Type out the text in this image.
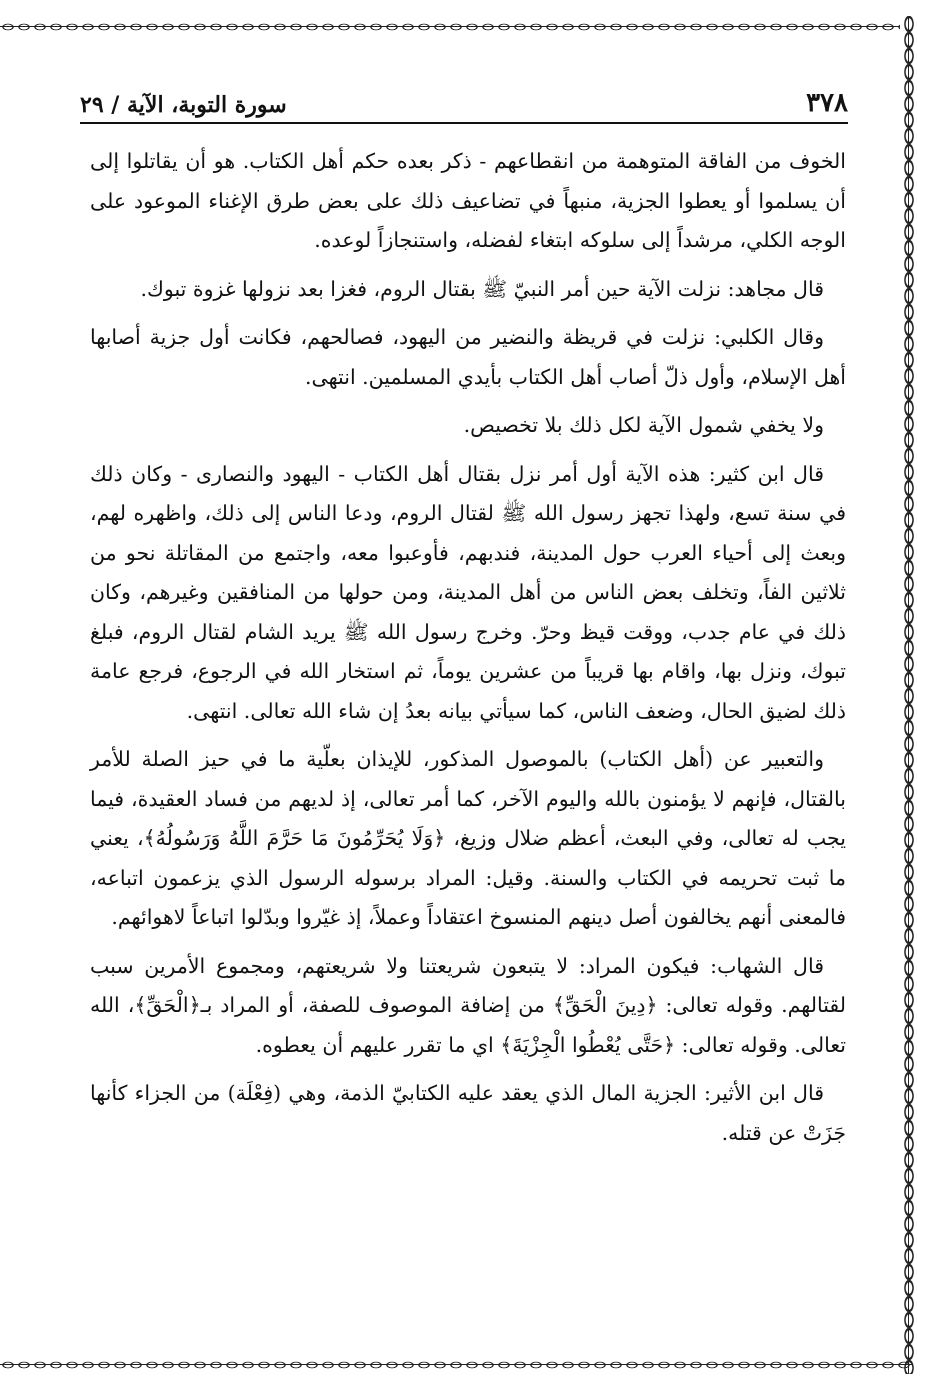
٣٧٨
سورة التوبة، الآية / ٢٩

الخوف من الفاقة المتوهمة من انقطاعهم - ذكر بعده حكم أهل الكتاب. هو أن يقاتلوا إلى أن يسلموا أو يعطوا الجزية، منبهاً في تضاعيف ذلك على بعض طرق الإغناء الموعود على الوجه الكلي، مرشداً إلى سلوكه ابتغاء لفضله، واستنجازاً لوعده.

قال مجاهد: نزلت الآية حين أمر النبيّ ﷺ بقتال الروم، فغزا بعد نزولها غزوة تبوك.

وقال الكلبي: نزلت في قريظة والنضير من اليهود، فصالحهم، فكانت أول جزية أصابها أهل الإسلام، وأول ذلّ أصاب أهل الكتاب بأيدي المسلمين. انتهى.

ولا يخفي شمول الآية لكل ذلك بلا تخصيص.

قال ابن كثير: هذه الآية أول أمر نزل بقتال أهل الكتاب - اليهود والنصارى - وكان ذلك في سنة تسع، ولهذا تجهز رسول الله ﷺ لقتال الروم، ودعا الناس إلى ذلك، واظهره لهم، وبعث إلى أحياء العرب حول المدينة، فندبهم، فأوعبوا معه، واجتمع من المقاتلة نحو من ثلاثين الفاً، وتخلف بعض الناس من أهل المدينة، ومن حولها من المنافقين وغيرهم، وكان ذلك في عام جدب، ووقت قيظ وحرّ. وخرج رسول الله ﷺ يريد الشام لقتال الروم، فبلغ تبوك، ونزل بها، واقام بها قريباً من عشرين يوماً، ثم استخار الله في الرجوع، فرجع عامة ذلك لضيق الحال، وضعف الناس، كما سيأتي بيانه بعدُ إن شاء الله تعالى. انتهى.

والتعبير عن (أهل الكتاب) بالموصول المذكور، للإيذان بعلّية ما في حيز الصلة للأمر بالقتال، فإنهم لا يؤمنون بالله واليوم الآخر، كما أمر تعالى، إذ لديهم من فساد العقيدة، فيما يجب له تعالى، وفي البعث، أعظم ضلال وزيغ، ﴿وَلَا يُحَرِّمُونَ مَا حَرَّمَ اللَّهُ وَرَسُولُهُ﴾، يعني ما ثبت تحريمه في الكتاب والسنة. وقيل: المراد برسوله الرسول الذي يزعمون اتباعه، فالمعنى أنهم يخالفون أصل دينهم المنسوخ اعتقاداً وعملاً، إذ غيّروا وبدّلوا اتباعاً لاهوائهم.

قال الشهاب: فيكون المراد: لا يتبعون شريعتنا ولا شريعتهم، ومجموع الأمرين سبب لقتالهم. وقوله تعالى: ﴿دِينَ الْحَقِّ﴾ من إضافة الموصوف للصفة، أو المراد بـ﴿الْحَقِّ﴾، الله تعالى. وقوله تعالى: ﴿حَتَّى يُعْطُوا الْجِزْيَةَ﴾ اي ما تقرر عليهم أن يعطوه.

قال ابن الأثير: الجزية المال الذي يعقد عليه الكتابيّ الذمة، وهي (فِعْلَة) من الجزاء كأنها جَزَتْ عن قتله.
